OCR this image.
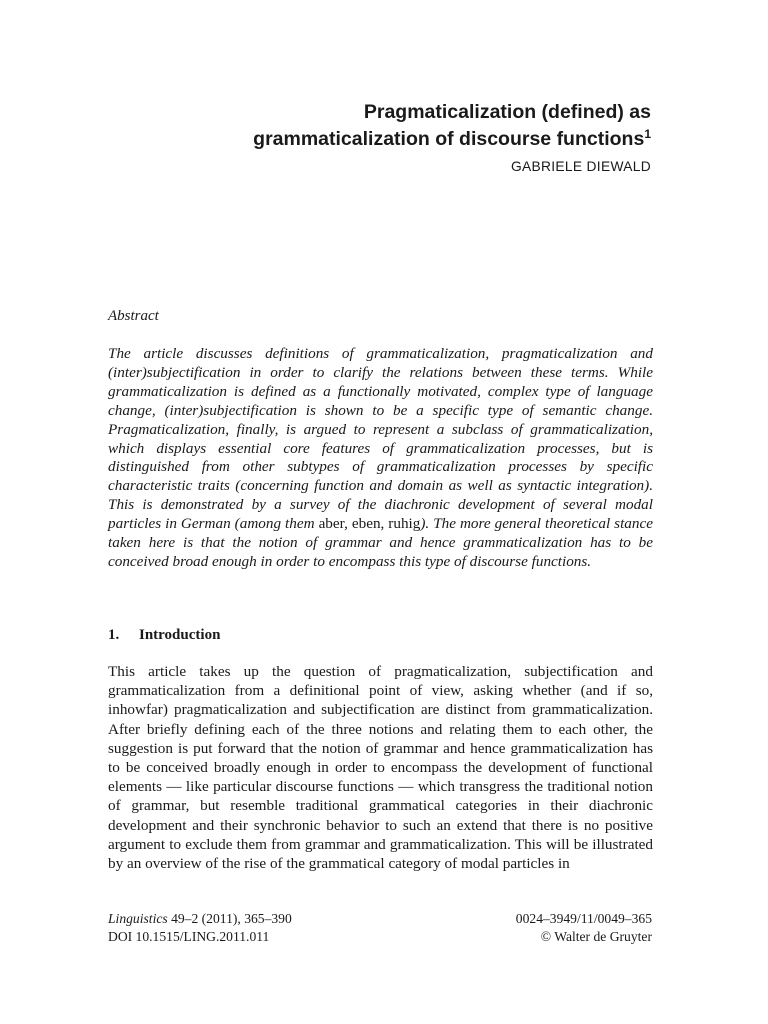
Pragmaticalization (defined) as
grammaticalization of discourse functions$^1$
GABRIELE DIEWALD
Abstract

The article discusses definitions of grammaticalization, pragmaticalization and (inter)subjectification in order to clarify the relations between these terms. While grammaticalization is defined as a functionally motivated, complex type of language change, (inter)subjectification is shown to be a specific type of semantic change. Pragmaticalization, finally, is argued to represent a subclass of grammaticalization, which displays essential core features of grammaticalization processes, but is distinguished from other subtypes of grammaticalization processes by specific characteristic traits (concerning function and domain as well as syntactic integration). This is demonstrated by a survey of the diachronic development of several modal particles in German (among them aber, eben, ruhig). The more general theoretical stance taken here is that the notion of grammar and hence grammaticalization has to be conceived broad enough in order to encompass this type of discourse functions.

1. Introduction

This article takes up the question of pragmaticalization, subjectification and grammaticalization from a definitional point of view, asking whether (and if so, inhowfar) pragmaticalization and subjectification are distinct from grammaticalization. After briefly defining each of the three notions and relating them to each other, the suggestion is put forward that the notion of grammar and hence grammaticalization has to be conceived broadly enough in order to encompass the development of functional elements — like particular discourse functions — which transgress the traditional notion of grammar, but resemble traditional grammatical categories in their diachronic development and their synchronic behavior to such an extend that there is no positive argument to exclude them from grammar and grammaticalization. This will be illustrated by an overview of the rise of the grammatical category of modal particles in

Linguistics 49–2 (2011), 365–390
DOI 10.1515/LING.2011.011
0024–3949/11/0049–365
© Walter de Gruyter
